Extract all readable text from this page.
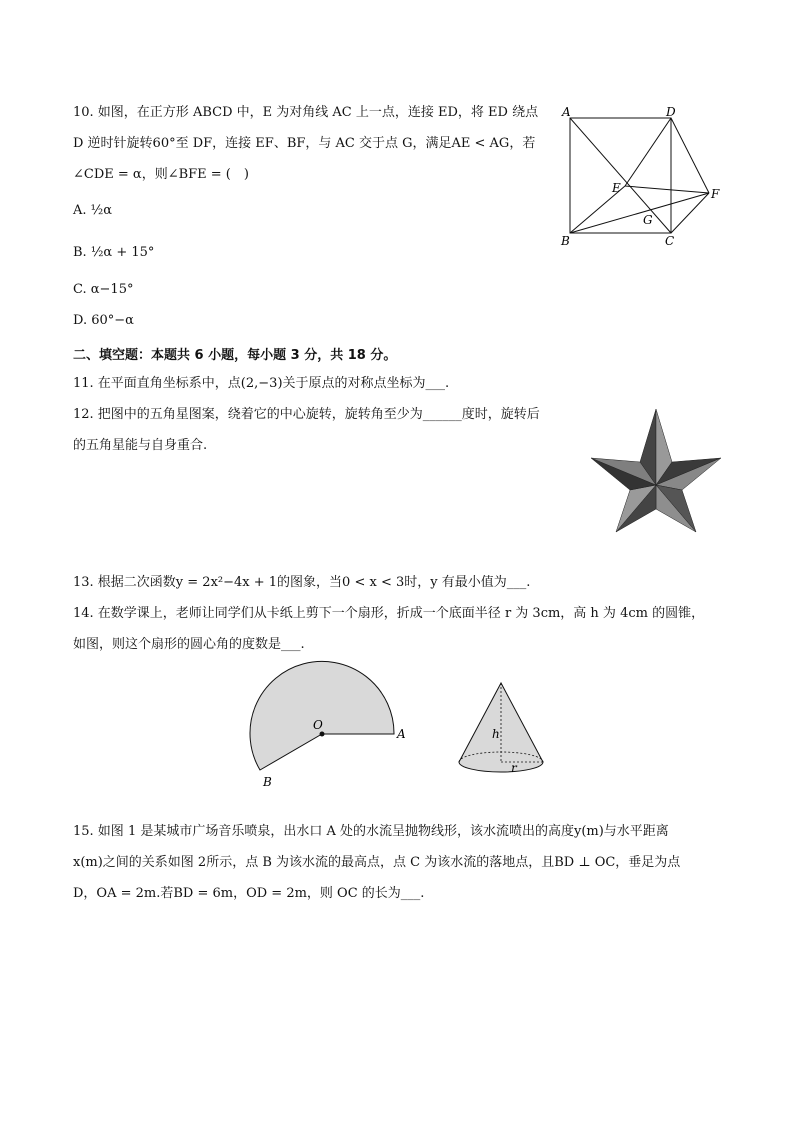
10. 如图，在正方形 ABCD 中，E 为对角线 AC 上一点，连接 ED，将 ED 绕点
D 逆时针旋转60°至 DF，连接 EF、BF，与 AC 交于点 G，满足AE < AG，若
∠CDE = α，则∠BFE = (　)
A. ½α
B. ½α + 15°
C. α−15°
D. 60°−α
A	D
E	F
G
B	C
二、填空题：本题共 6 小题，每小题 3 分，共 18 分。
11. 在平面直角坐标系中，点(2,−3)关于原点的对称点坐标为___.
12. 把图中的五角星图案，绕着它的中心旋转，旋转角至少为______度时，旋转后
的五角星能与自身重合.
13. 根据二次函数y = 2x²−4x + 1的图象，当0 < x < 3时，y 有最小值为___.
14. 在数学课上，老师让同学们从卡纸上剪下一个扇形，折成一个底面半径 r 为 3cm，高 h 为 4cm 的圆锥，
如图，则这个扇形的圆心角的度数是___.
O
A
B
h
r
15. 如图 1 是某城市广场音乐喷泉，出水口 A 处的水流呈抛物线形，该水流喷出的高度y(m)与水平距离
x(m)之间的关系如图 2所示，点 B 为该水流的最高点，点 C 为该水流的落地点，且BD ⊥ OC，垂足为点
D，OA = 2m.若BD = 6m，OD = 2m，则 OC 的长为___.
